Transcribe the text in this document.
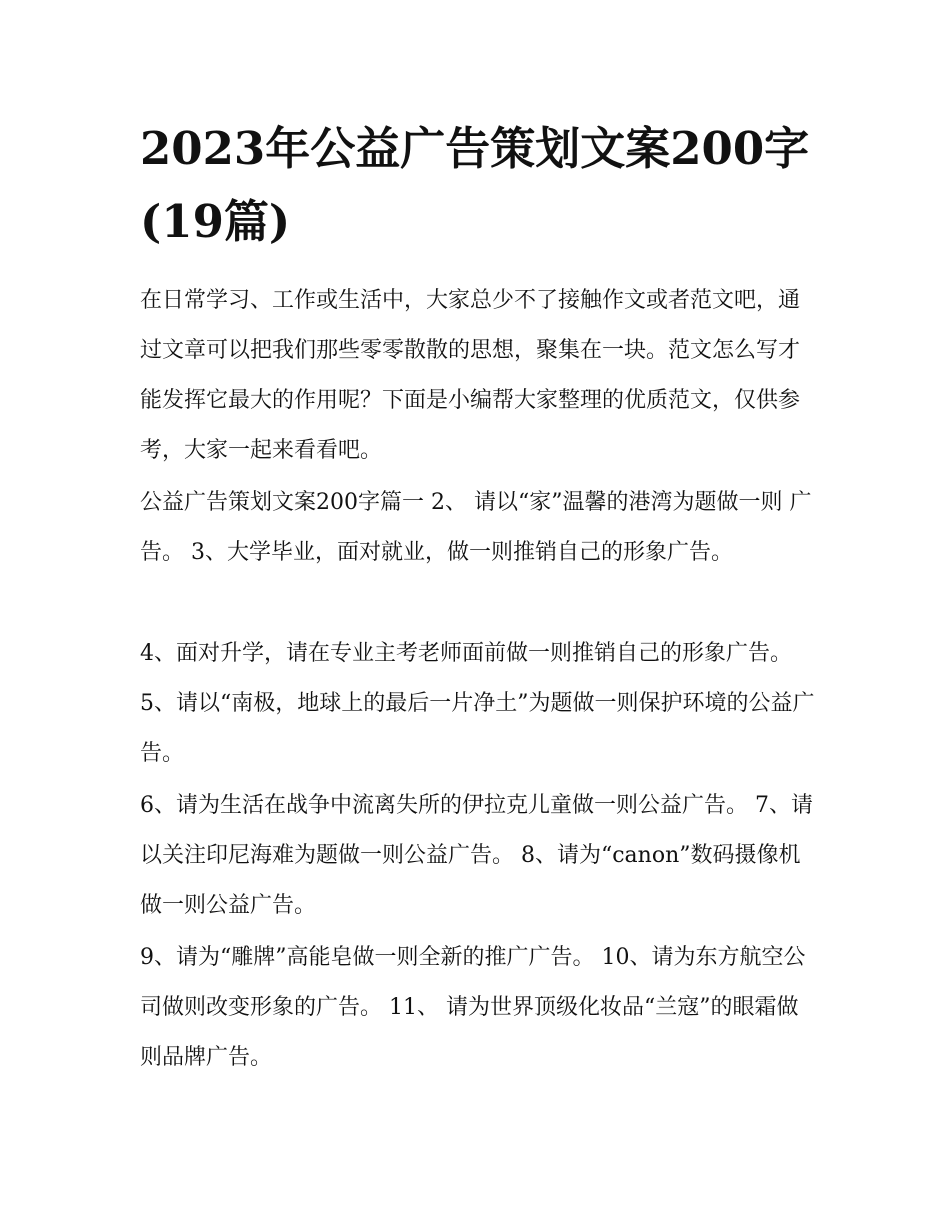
2023年公益广告策划文案200字(19篇)

在日常学习、工作或生活中，大家总少不了接触作文或者范文吧，通过文章可以把我们那些零零散散的思想，聚集在一块。范文怎么写才能发挥它最大的作用呢？下面是小编帮大家整理的优质范文，仅供参考，大家一起来看看吧。

公益广告策划文案200字篇一 2、 请以“家”温馨的港湾为题做一则 广告。 3、大学毕业，面对就业，做一则推销自己的形象广告。

4、面对升学，请在专业主考老师面前做一则推销自己的形象广告。 5、请以“南极，地球上的最后一片净土”为题做一则保护环境的公益广告。

6、请为生活在战争中流离失所的伊拉克儿童做一则公益广告。 7、请以关注印尼海难为题做一则公益广告。 8、请为“canon”数码摄像机做一则公益广告。

9、请为“雕牌”高能皂做一则全新的推广广告。 10、请为东方航空公司做则改变形象的广告。 11、 请为世界顶级化妆品“兰寇”的眼霜做则品牌广告。
